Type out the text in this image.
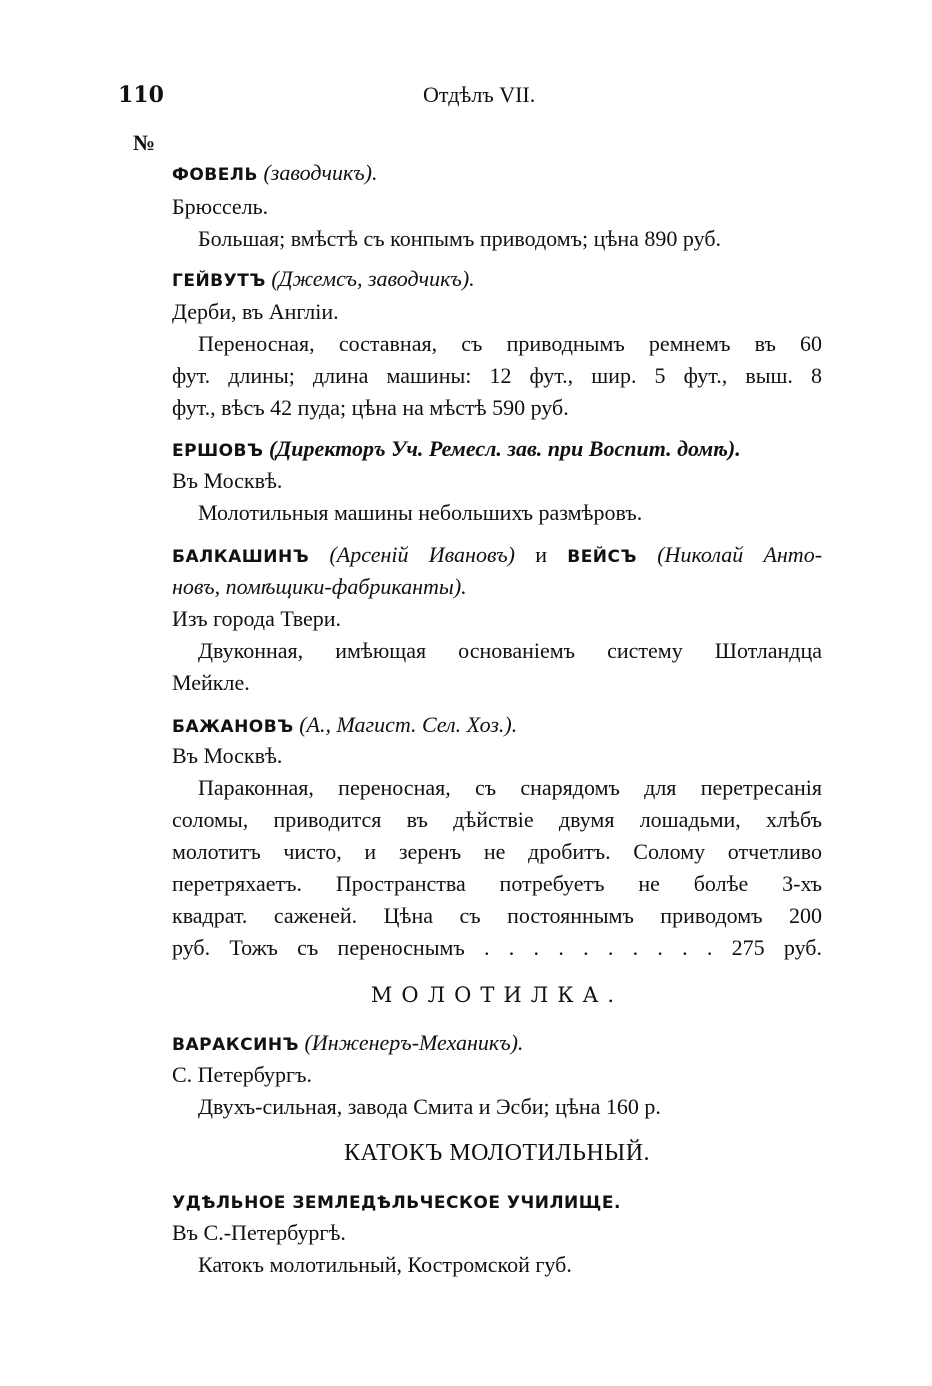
110	Отдѣлъ VII.
№
ФОВЕЛЬ (заводчикъ).
Брюссель.
Большая; вмѣстѣ съ конпымъ приводомъ; цѣна 890 руб.
ГЕЙВУТЪ (Джемсъ, заводчикъ).
Дерби, въ Англіи.
Переносная, составная, съ приводнымъ ремнемъ въ 60
фут. длины; длина машины: 12 фут., шир. 5 фут., выш. 8
фут., вѣсъ 42 пуда; цѣна на мѣстѣ 590 руб.
ЕРШОВЪ (Директоръ Уч. Ремесл. зав. при Воспит. домѣ).
Въ Москвѣ.
Молотильныя машины небольшихъ размѣровъ.
БАЛКАШИНЪ (Арсеній Ивановъ) и ВЕЙСЪ (Николай Анто-
новъ, помѣщики-фабриканты).
Изъ города Твери.
Двуконная, имѣющая основаніемъ систему Шотландца
Мейкле.
БАЖАНОВЪ (А., Магист. Сел. Хоз.).
Въ Москвѣ.
Параконная, переносная, съ снарядомъ для перетресанія
соломы, приводится въ дѣйствіе двумя лошадьми, хлѣбъ
молотитъ чисто, и зеренъ не дробитъ. Солому отчетливо
перетряхаетъ. Пространства потребуетъ не болѣе 3-хъ
квадрат. саженей. Цѣна съ постояннымъ приводомъ 200
руб. Тожъ съ переноснымъ . . . . . . . . . . 275 руб.
МОЛОТИЛКА.
ВАРАКСИНЪ (Инженеръ-Механикъ).
С. Петербургъ.
Двухъ-сильная, завода Смита и Эсби; цѣна 160 р.
КАТОКЪ МОЛОТИЛЬНЫЙ.
УДѢЛЬНОЕ ЗЕМЛЕДѢЛЬЧЕСКОЕ УЧИЛИЩЕ.
Въ С.-Петербургѣ.
Катокъ молотильный, Костромской губ.
